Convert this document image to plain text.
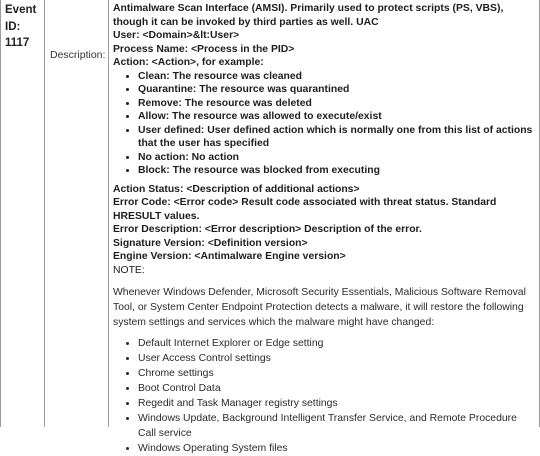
Event ID: 1117
Description:

Antimalware Scan Interface (AMSI). Primarily used to protect scripts (PS, VBS), though it can be invoked by third parties as well. UAC

User: <Domain>&lt:User>

Process Name: <Process in the PID>

Action: <Action>, for example:

• Clean: The resource was cleaned
• Quarantine: The resource was quarantined
• Remove: The resource was deleted
• Allow: The resource was allowed to execute/exist
• User defined: User defined action which is normally one from this list of actions that the user has specified
• No action: No action
• Block: The resource was blocked from executing

Action Status: <Description of additional actions>

Error Code: <Error code> Result code associated with threat status. Standard HRESULT values.

Error Description: <Error description> Description of the error.

Signature Version: <Definition version>

Engine Version: <Antimalware Engine version>

NOTE:

Whenever Windows Defender, Microsoft Security Essentials, Malicious Software Removal Tool, or System Center Endpoint Protection detects a malware, it will restore the following system settings and services which the malware might have changed:

• Default Internet Explorer or Edge setting
• User Access Control settings
• Chrome settings
• Boot Control Data
• Regedit and Task Manager registry settings
• Windows Update, Background Intelligent Transfer Service, and Remote Procedure Call service
• Windows Operating System files
